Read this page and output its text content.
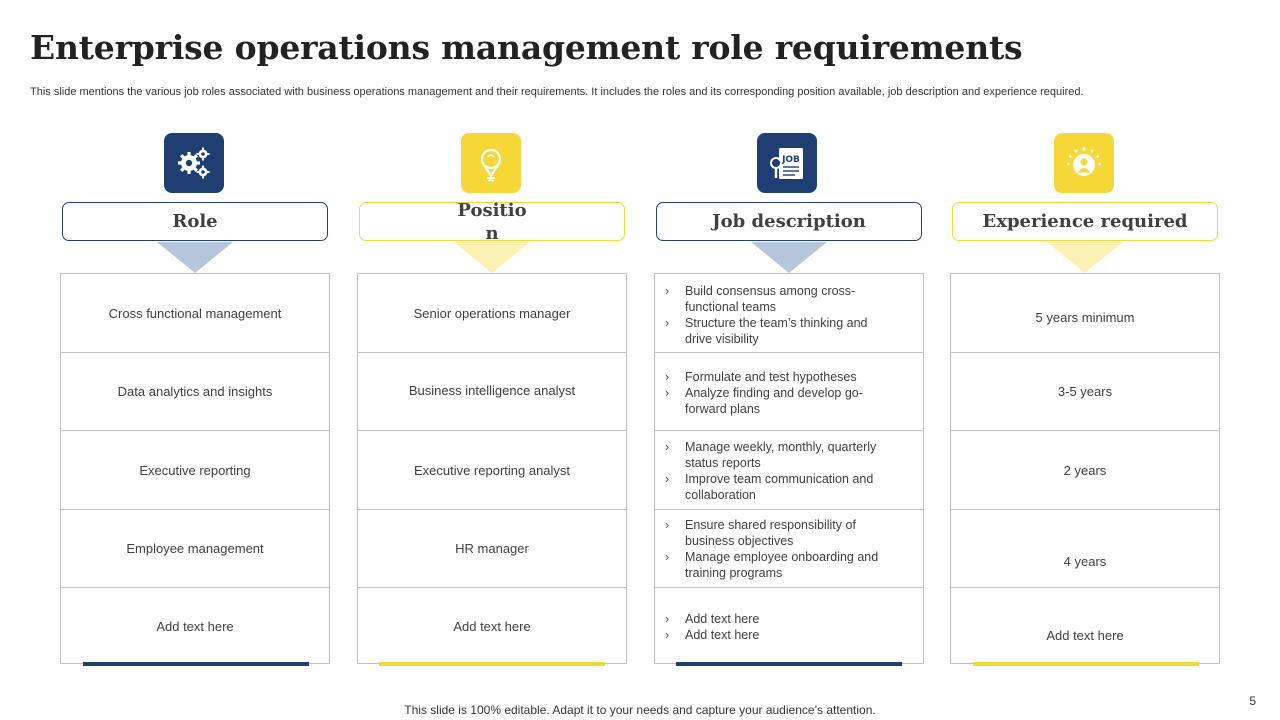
Enterprise operations management role requirements
This slide mentions the various job roles associated with business operations management and their requirements. It includes the roles and its corresponding position available, job description and experience required.
Role
Cross functional management
Data analytics and insights
Executive reporting
Employee management
Add text here
Position
Senior operations manager
Business intelligence analyst
Executive reporting analyst
HR manager
Add text here
JOB
Job description
› Build consensus among cross-functional teams
› Structure the team’s thinking and drive visibility
› Formulate and test hypotheses
› Analyze finding and develop go-forward plans
› Manage weekly, monthly, quarterly status reports
› Improve team communication and collaboration
› Ensure shared responsibility of business objectives
› Manage employee onboarding and training programs
› Add text here
› Add text here
Experience required
5 years minimum
3-5 years
2 years
4 years
Add text here
This slide is 100% editable. Adapt it to your needs and capture your audience’s attention.
5
